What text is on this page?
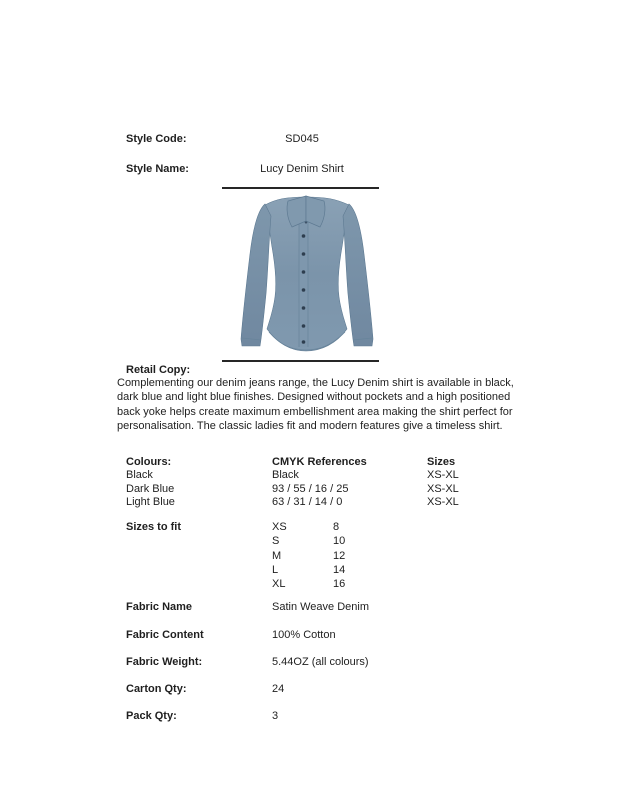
Style Code:	SD045
Style Name:	Lucy Denim Shirt
Retail Copy:
Complementing our denim jeans range, the Lucy Denim shirt is available in black,
dark blue and light blue finishes. Designed without pockets and a high positioned
back yoke helps create maximum embellishment area making the shirt perfect for
personalisation. The classic ladies fit and modern features give a timeless shirt.
Colours:	CMYK References	Sizes
Black	Black	XS-XL
Dark Blue	93 / 55 / 16 / 25	XS-XL
Light Blue	63 / 31 / 14 / 0	XS-XL
Sizes to fit	XS	8
S	10
M	12
L	14
XL	16
Fabric Name	Satin Weave Denim
Fabric Content	100% Cotton
Fabric Weight:	5.44OZ (all colours)
Carton Qty:	24
Pack Qty:	3
